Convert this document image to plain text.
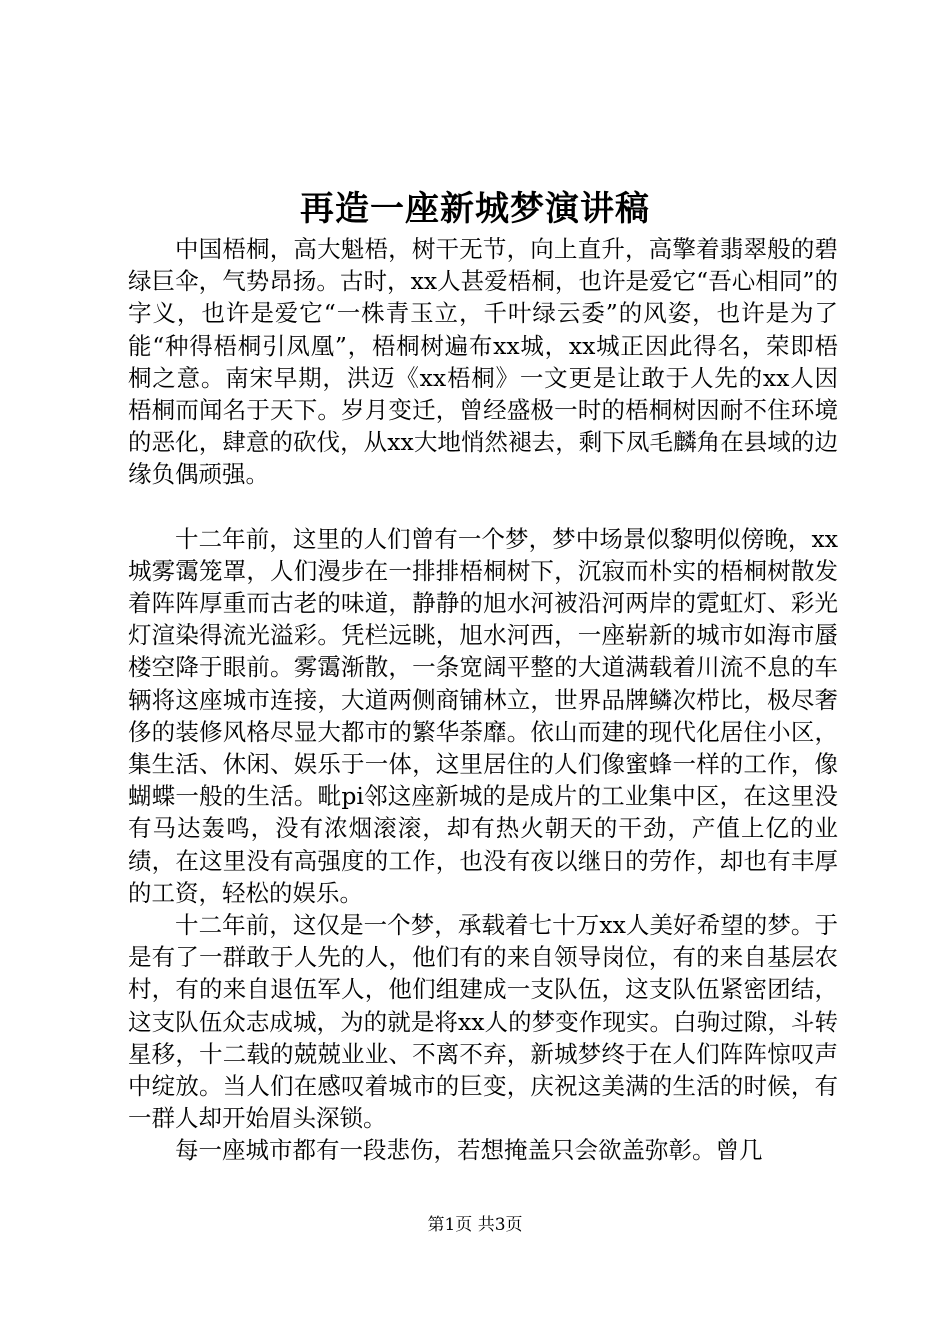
再造一座新城梦演讲稿

中国梧桐，高大魁梧，树干无节，向上直升，高擎着翡翠般的碧绿巨伞，气势昂扬。古时，xx人甚爱梧桐，也许是爱它“吾心相同”的字义，也许是爱它“一株青玉立，千叶绿云委”的风姿，也许是为了能“种得梧桐引凤凰”，梧桐树遍布xx城，xx城正因此得名，荣即梧桐之意。南宋早期，洪迈《xx梧桐》一文更是让敢于人先的xx人因梧桐而闻名于天下。岁月变迁，曾经盛极一时的梧桐树因耐不住环境的恶化，肆意的砍伐，从xx大地悄然褪去，剩下凤毛麟角在县域的边缘负偶顽强。

十二年前，这里的人们曾有一个梦，梦中场景似黎明似傍晚，xx城雾霭笼罩，人们漫步在一排排梧桐树下，沉寂而朴实的梧桐树散发着阵阵厚重而古老的味道，静静的旭水河被沿河两岸的霓虹灯、彩光灯渲染得流光溢彩。凭栏远眺，旭水河西，一座崭新的城市如海市蜃楼空降于眼前。雾霭渐散，一条宽阔平整的大道满载着川流不息的车辆将这座城市连接，大道两侧商铺林立，世界品牌鳞次栉比，极尽奢侈的装修风格尽显大都市的繁华荼靡。依山而建的现代化居住小区，集生活、休闲、娱乐于一体，这里居住的人们像蜜蜂一样的工作，像蝴蝶一般的生活。毗pi邻这座新城的是成片的工业集中区，在这里没有马达轰鸣，没有浓烟滚滚，却有热火朝天的干劲，产值上亿的业绩，在这里没有高强度的工作，也没有夜以继日的劳作，却也有丰厚的工资，轻松的娱乐。

十二年前，这仅是一个梦，承载着七十万xx人美好希望的梦。于是有了一群敢于人先的人，他们有的来自领导岗位，有的来自基层农村，有的来自退伍军人，他们组建成一支队伍，这支队伍紧密团结，这支队伍众志成城，为的就是将xx人的梦变作现实。白驹过隙，斗转星移，十二载的兢兢业业、不离不弃，新城梦终于在人们阵阵惊叹声中绽放。当人们在感叹着城市的巨变，庆祝这美满的生活的时候，有一群人却开始眉头深锁。

每一座城市都有一段悲伤，若想掩盖只会欲盖弥彰。曾几

第1页 共3页
